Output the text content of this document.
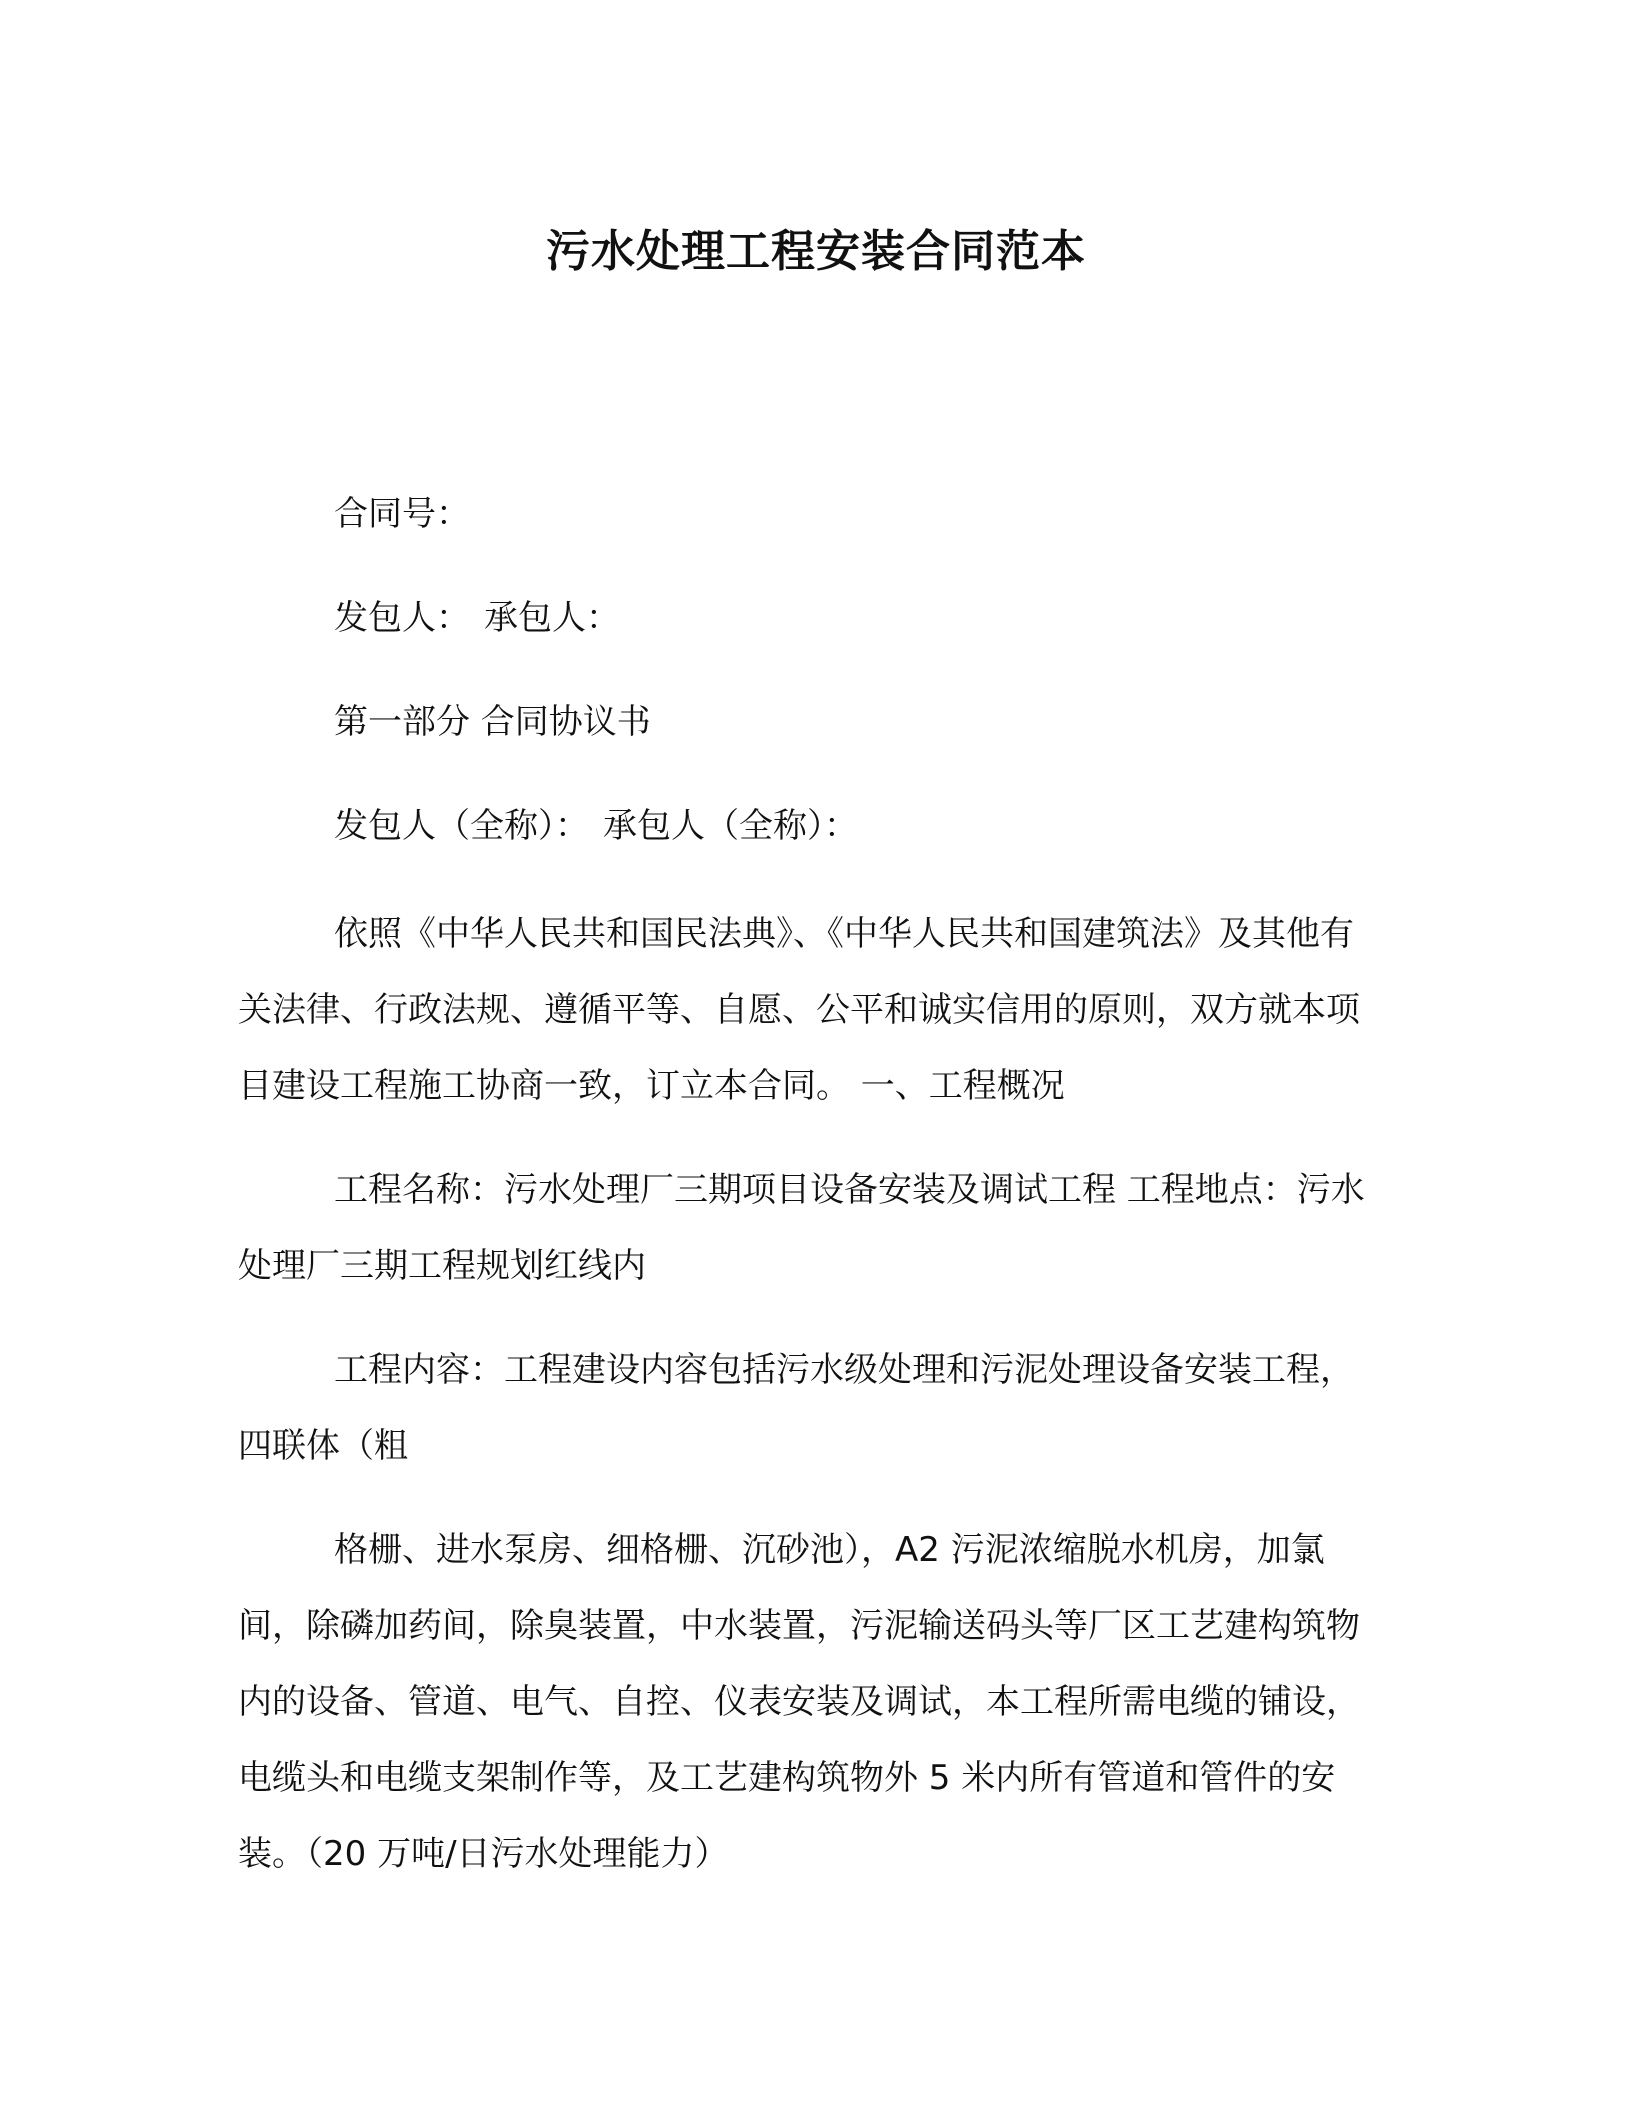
污水处理工程安装合同范本
合同号：
发包人： 承包人：
第一部分 合同协议书
发包人（全称）： 承包人（全称）：

依照《中华人民共和国民法典》、《中华人民共和国建筑法》及其他有关法律、行政法规、遵循平等、自愿、公平和诚实信用的原则，双方就本项目建设工程施工协商一致，订立本合同。 一、工程概况

工程名称：污水处理厂三期项目设备安装及调试工程 工程地点：污水处理厂三期工程规划红线内

工程内容：工程建设内容包括污水级处理和污泥处理设备安装工程，四联体（粗

格栅、进水泵房、细格栅、沉砂池），A2 污泥浓缩脱水机房，加氯间，除磷加药间，除臭装置，中水装置，污泥输送码头等厂区工艺建构筑物内的设备、管道、电气、自控、仪表安装及调试，本工程所需电缆的铺设，电缆头和电缆支架制作等，及工艺建构筑物外 5 米内所有管道和管件的安装。（20 万吨/日污水处理能力）
